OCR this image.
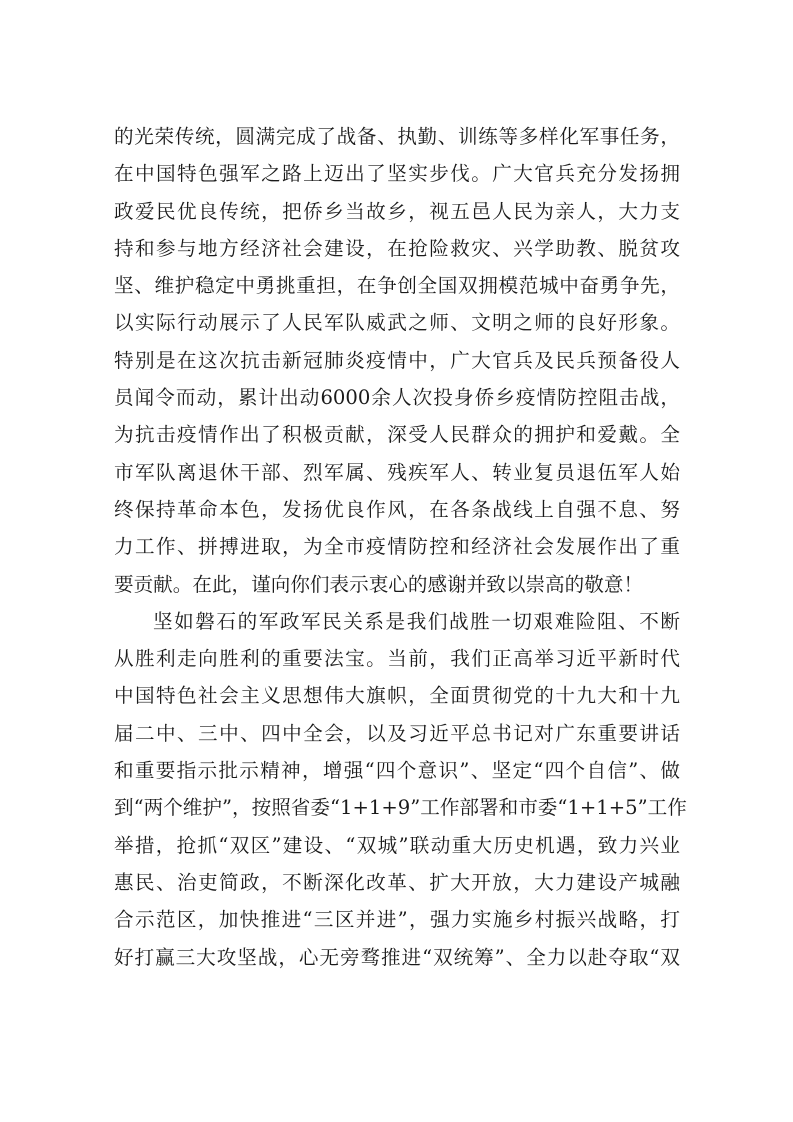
的光荣传统，圆满完成了战备、执勤、训练等多样化军事任务，
在中国特色强军之路上迈出了坚实步伐。广大官兵充分发扬拥
政爱民优良传统，把侨乡当故乡，视五邑人民为亲人，大力支
持和参与地方经济社会建设，在抢险救灾、兴学助教、脱贫攻
坚、维护稳定中勇挑重担，在争创全国双拥模范城中奋勇争先，
以实际行动展示了人民军队威武之师、文明之师的良好形象。
特别是在这次抗击新冠肺炎疫情中，广大官兵及民兵预备役人
员闻令而动，累计出动6000余人次投身侨乡疫情防控阻击战，
为抗击疫情作出了积极贡献，深受人民群众的拥护和爱戴。全
市军队离退休干部、烈军属、残疾军人、转业复员退伍军人始
终保持革命本色，发扬优良作风，在各条战线上自强不息、努
力工作、拼搏进取，为全市疫情防控和经济社会发展作出了重
要贡献。在此，谨向你们表示衷心的感谢并致以崇高的敬意！
坚如磐石的军政军民关系是我们战胜一切艰难险阻、不断
从胜利走向胜利的重要法宝。当前，我们正高举习近平新时代
中国特色社会主义思想伟大旗帜，全面贯彻党的十九大和十九
届二中、三中、四中全会，以及习近平总书记对广东重要讲话
和重要指示批示精神，增强“四个意识”、坚定“四个自信”、做
到“两个维护”，按照省委“1+1+9”工作部署和市委“1+1+5”工作
举措，抢抓“双区”建设、“双城”联动重大历史机遇，致力兴业
惠民、治吏简政，不断深化改革、扩大开放，大力建设产城融
合示范区，加快推进“三区并进”，强力实施乡村振兴战略，打
好打赢三大攻坚战，心无旁骛推进“双统筹”、全力以赴夺取“双
